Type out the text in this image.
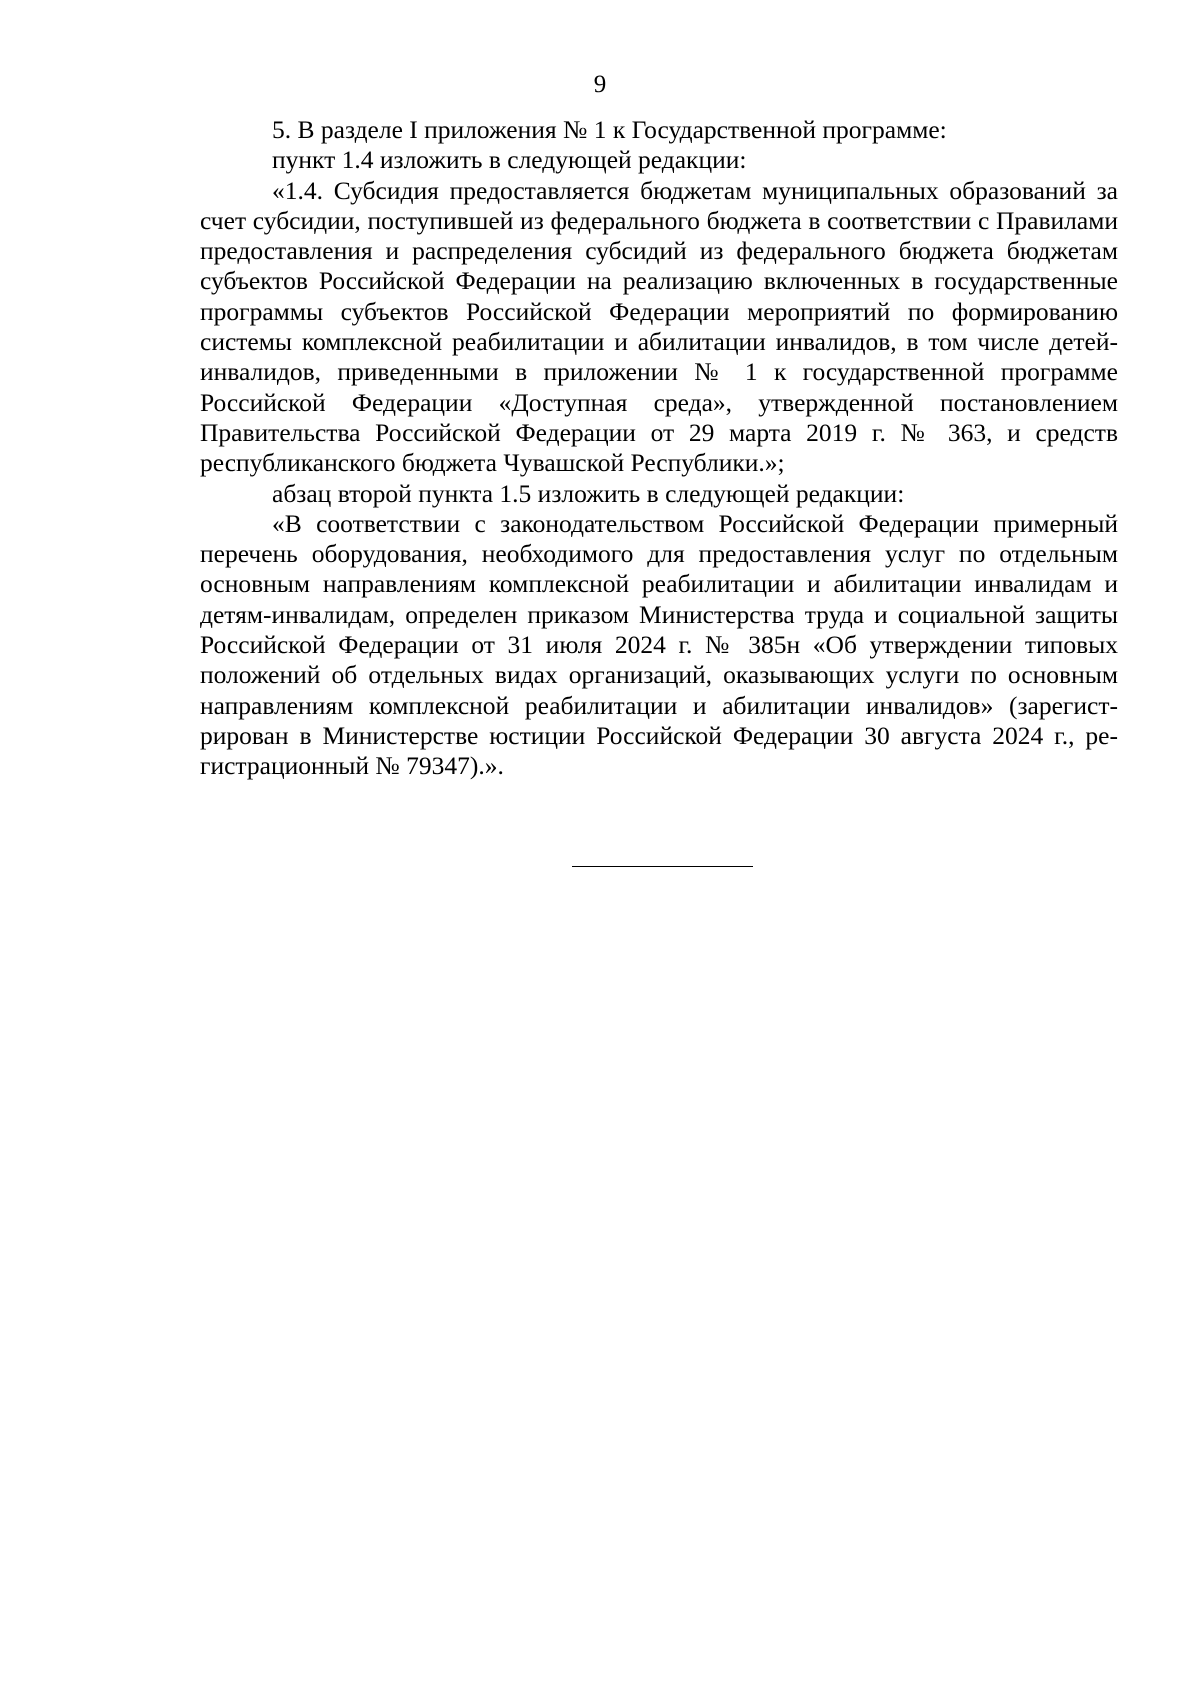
9

5. В разделе I приложения № 1 к Государственной программе:

пункт 1.4 изложить в следующей редакции:

«1.4. Субсидия предоставляется бюджетам муниципальных образований за счет субсидии, поступившей из федерального бюджета в соответствии с Правилами предоставления и распределения субсидий из федерального бюджета бюджетам субъектов Российской Федерации на реализацию включенных в государственные программы субъектов Российской Федерации мероприятий по формированию системы комплексной реабилитации и абилитации инвалидов, в том числе детей-инвалидов, приведенными в приложении № 1 к государственной программе Российской Федерации «Доступная среда», утвержденной постановлением Правительства Российской Федерации от 29 марта 2019 г. № 363, и средств республиканского бюджета Чувашской Республики.»;

абзац второй пункта 1.5 изложить в следующей редакции:

«В соответствии с законодательством Российской Федерации примерный перечень оборудования, необходимого для предоставления услуг по отдельным основным направлениям комплексной реабилитации и абилитации инвалидам и детям-инвалидам, определен приказом Министерства труда и социальной защиты Российской Федерации от 31 июля 2024 г. № 385н «Об утверждении типовых положений об отдельных видах организаций, оказывающих услуги по основным направлениям комплексной реабилитации и абилитации инвалидов» (зарегистрирован в Министерстве юстиции Российской Федерации 30 августа 2024 г., регистрационный № 79347).».
